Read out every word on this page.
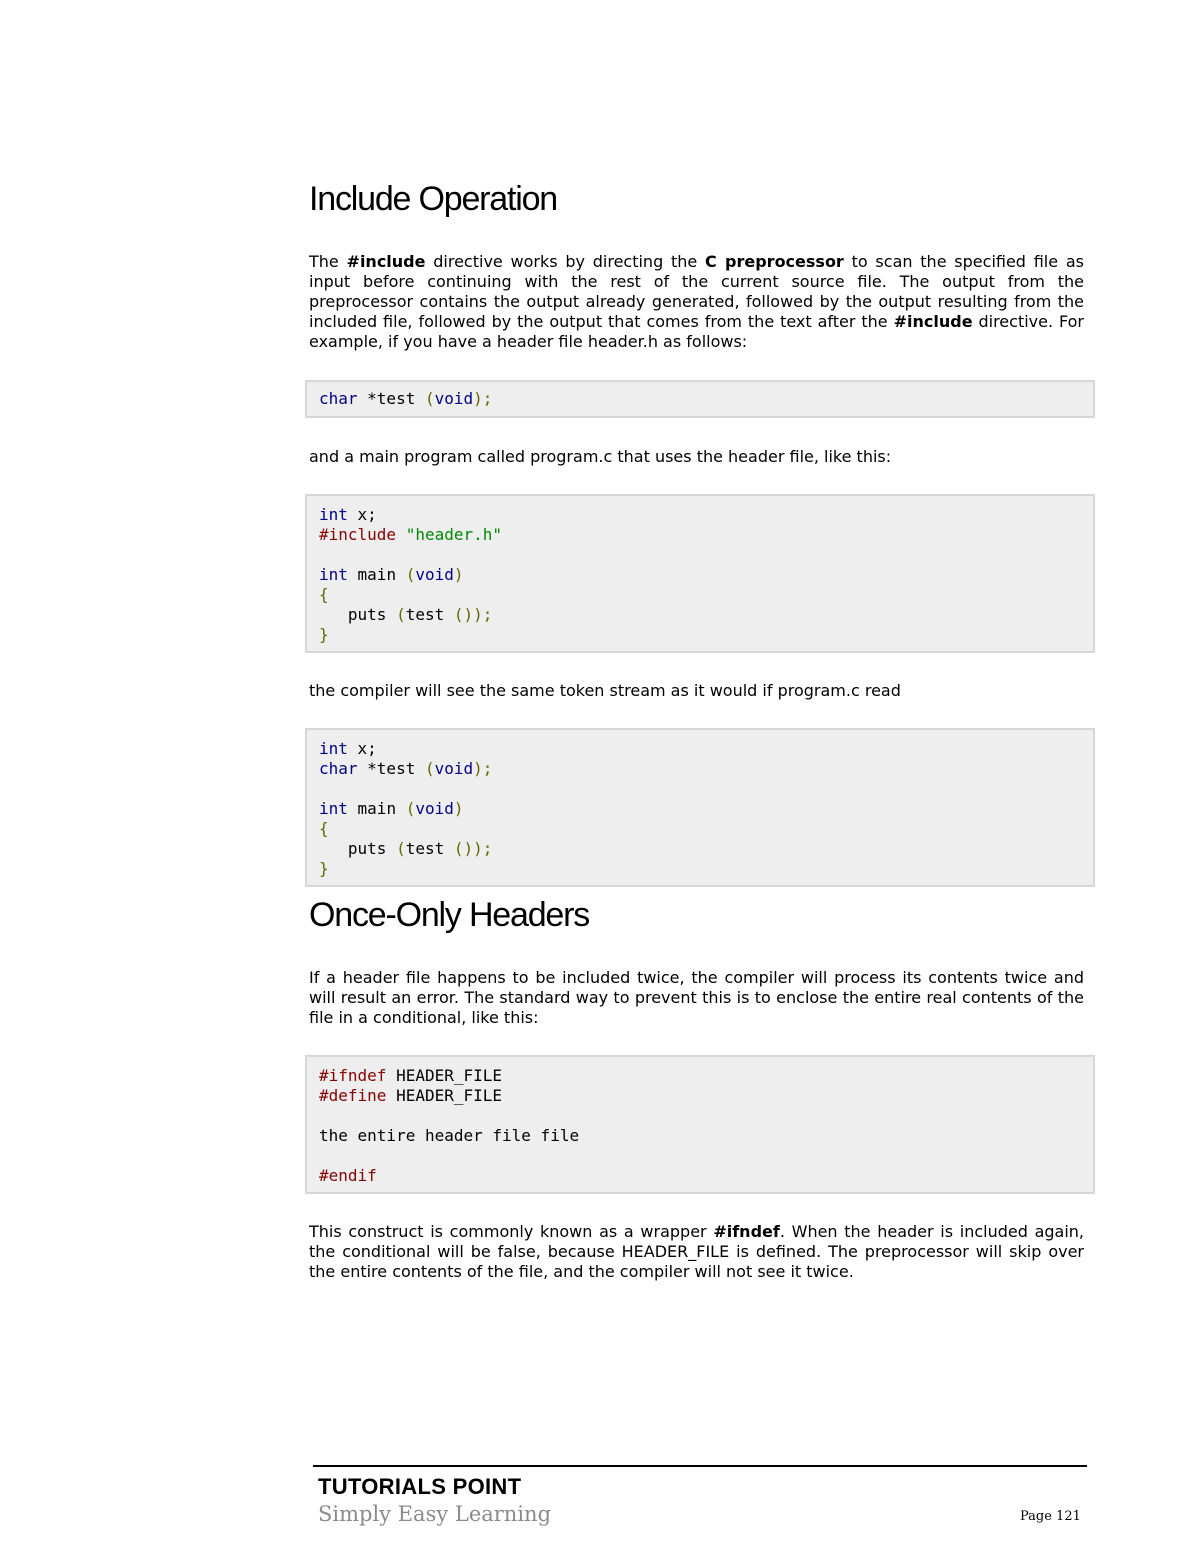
Include Operation

The #include directive works by directing the C preprocessor to scan the specified file as input before continuing with the rest of the current source file. The output from the preprocessor contains the output already generated, followed by the output resulting from the included file, followed by the output that comes from the text after the #include directive. For example, if you have a header file header.h as follows:

char *test (void);

and a main program called program.c that uses the header file, like this:

int x;
#include "header.h"

int main (void)
{
puts (test ());
}

the compiler will see the same token stream as it would if program.c read

int x;
char *test (void);

int main (void)
{
puts (test ());
}
Once-Only Headers

If a header file happens to be included twice, the compiler will process its contents twice and will result an error. The standard way to prevent this is to enclose the entire real contents of the file in a conditional, like this:

#ifndef HEADER_FILE
#define HEADER_FILE

the entire header file file

#endif

This construct is commonly known as a wrapper #ifndef. When the header is included again, the conditional will be false, because HEADER_FILE is defined. The preprocessor will skip over the entire contents of the file, and the compiler will not see it twice.

TUTORIALS POINT
Simply Easy Learning	Page 121
